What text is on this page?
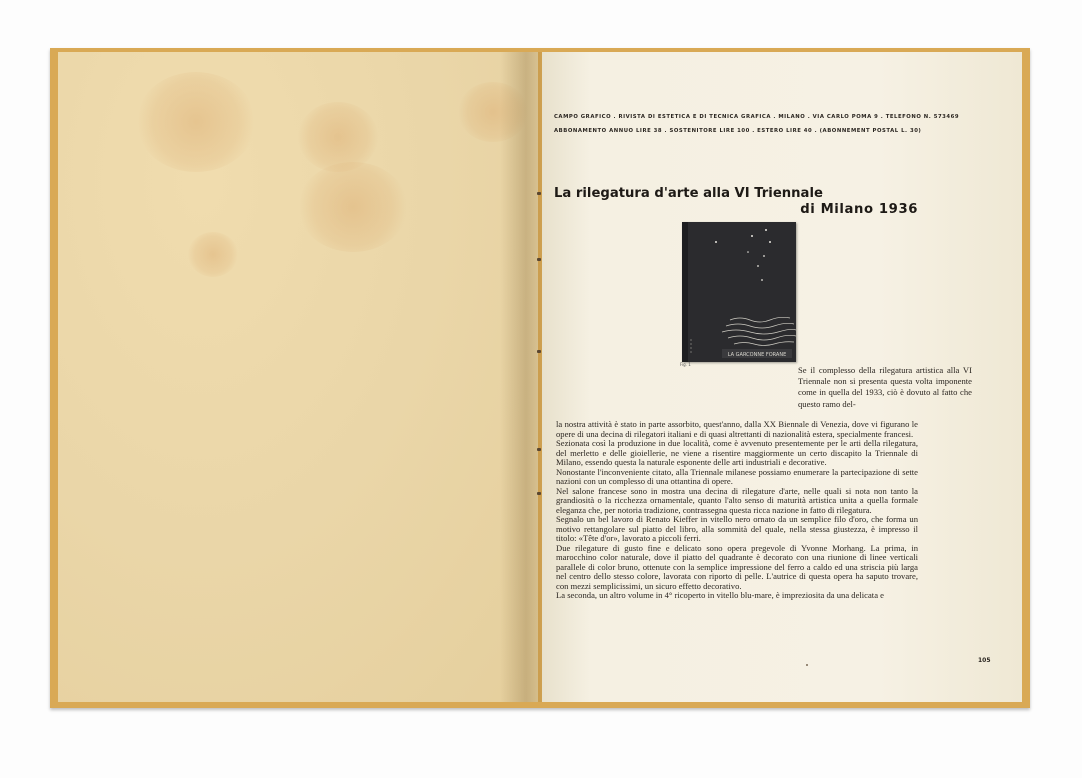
CAMPO GRAFICO . RIVISTA DI ESTETICA E DI TECNICA GRAFICA . MILANO . VIA CARLO POMA 9 . TELEFONO N. 573469
ABBONAMENTO ANNUO LIRE 38 . SOSTENITORE LIRE 100 . ESTERO LIRE 40 . (ABONNEMENT POSTAL L. 30)
La rilegatura d'arte alla VI Triennale
di Milano 1936
LA GARCONNE FORANE
Fig. 1
Se il complesso della rilegatura artistica alla VI Triennale non si presenta questa volta imponente come in quella del 1933, ciò è dovuto al fatto che questo ramo del-

la nostra attività è stato in parte assorbito, quest'anno, dalla XX Biennale di Venezia, dove vi figurano le opere di una decina di rilegatori italiani e di quasi altrettanti di nazionalità estera, specialmente francesi.

Sezionata così la produzione in due località, come è avvenuto presentemente per le arti della rilegatura, del merletto e delle gioiellerie, ne viene a risentire maggiormente un certo discapito la Triennale di Milano, essendo questa la naturale esponente delle arti industriali e decorative.

Nonostante l'inconveniente citato, alla Triennale milanese possiamo enumerare la partecipazione di sette nazioni con un complesso di una ottantina di opere.

Nel salone francese sono in mostra una decina di rilegature d'arte, nelle quali si nota non tanto la grandiosità o la ricchezza ornamentale, quanto l'alto senso di maturità artistica unita a quella formale eleganza che, per notoria tradizione, contrassegna questa ricca nazione in fatto di rilegatura.

Segnalo un bel lavoro di Renato Kieffer in vitello nero ornato da un semplice filo d'oro, che forma un motivo rettangolare sul piatto del libro, alla sommità del quale, nella stessa giustezza, è impresso il titolo: «Tête d'or», lavorato a piccoli ferri.

Due rilegature di gusto fine e delicato sono opera pregevole di Yvonne Morhang. La prima, in marocchino color naturale, dove il piatto del quadrante è decorato con una riunione di linee verticali parallele di color bruno, ottenute con la semplice impressione del ferro a caldo ed una striscia più larga nel centro dello stesso colore, lavorata con riporto di pelle. L'autrice di questa opera ha saputo trovare, con mezzi semplicissimi, un sicuro effetto decorativo.

La seconda, un altro volume in 4° ricoperto in vitello blu-mare, è impreziosita da una delicata e

105
